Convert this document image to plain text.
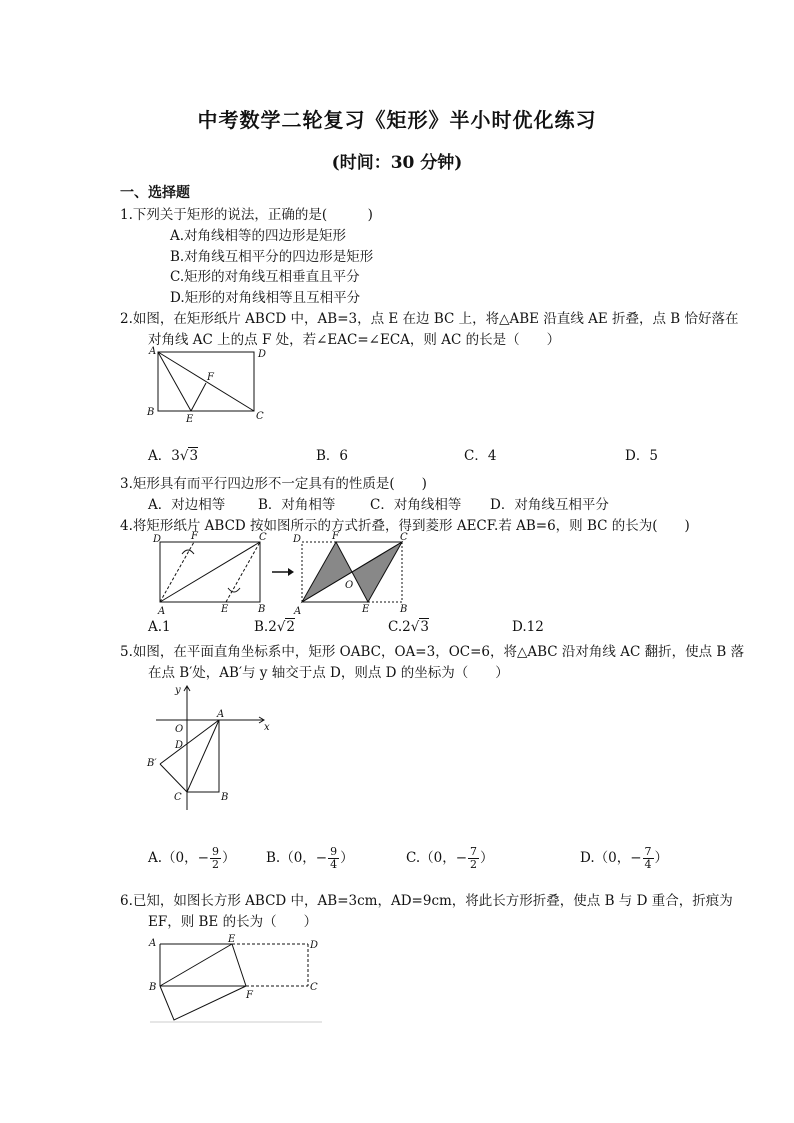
中考数学二轮复习《矩形》半小时优化练习
(时间：30 分钟)
一、选择题
1.下列关于矩形的说法，正确的是(　　　)
A.对角线相等的四边形是矩形
B.对角线互相平分的四边形是矩形
C.矩形的对角线互相垂直且平分
D.矩形的对角线相等且互相平分
2.如图，在矩形纸片 ABCD 中，AB=3，点 E 在边 BC 上，将△ABE 沿直线 AE 折叠，点 B 恰好落在
对角线 AC 上的点 F 处，若∠EAC=∠ECA，则 AC 的长是（　　）
A	D
B	C
E
F
A．3√3	B．6	C．4	D．5
3.矩形具有而平行四边形不一定具有的性质是(　　)
A．对边相等 B．对角相等	C．对角线相等 D．对角线互相平分
4.将矩形纸片 ABCD 按如图所示的方式折叠，得到菱形 AECF.若 AB=6，则 BC 的长为(　　)
D	F	C
A	E	B
D	F	C
O
A	E	B
A.1	B.2√2	C.2√3	D.12
5.如图，在平面直角坐标系中，矩形 OABC，OA=3，OC=6，将△ABC 沿对角线 AC 翻折，使点 B 落
在点 B′处，AB′与 y 轴交于点 D，则点 D 的坐标为（　　）
y
x
O
A
D
B′
C	B
A.（0，− $\frac{9}{2}$ ） B.（0，− $\frac{9}{4}$ ）	C.（0，− $\frac{7}{2}$ ）	D.（0，− $\frac{7}{4}$ ）
6.已知，如图长方形 ABCD 中，AB=3cm，AD=9cm，将此长方形折叠，使点 B 与 D 重合，折痕为
EF，则 BE 的长为（　　）
A	E
D
B
F
C
